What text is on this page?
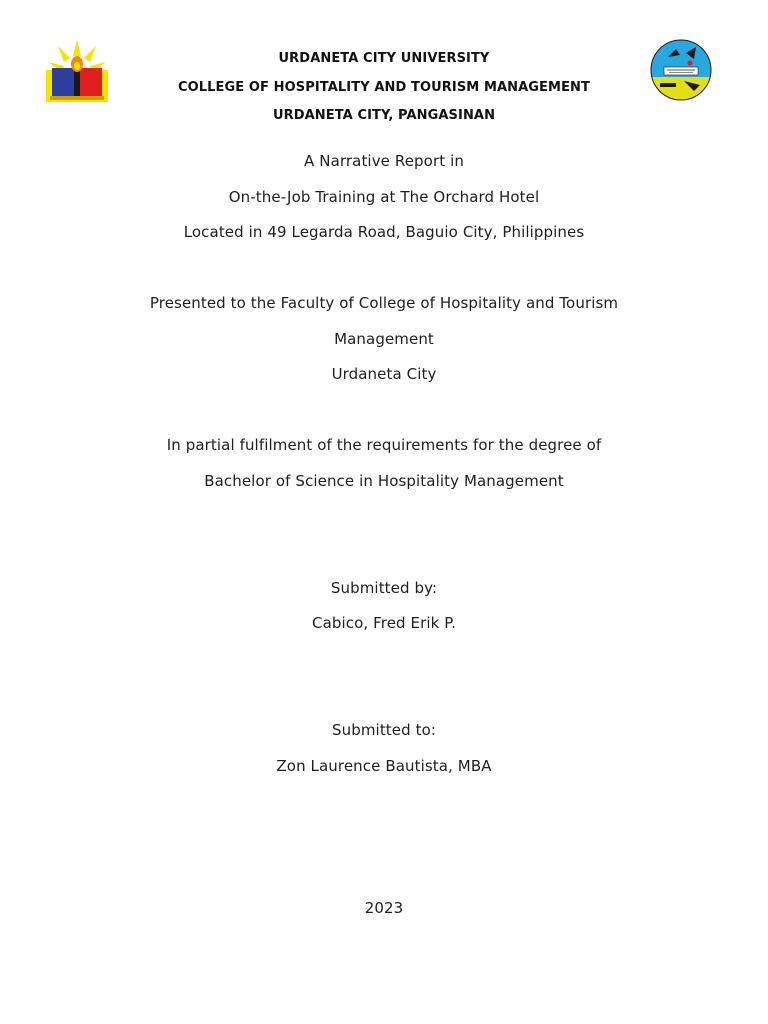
URDANETA CITY UNIVERSITY
COLLEGE OF HOSPITALITY AND TOURISM MANAGEMENT
URDANETA CITY, PANGASINAN
A Narrative Report in
On-the-Job Training at The Orchard Hotel
Located in 49 Legarda Road, Baguio City, Philippines
Presented to the Faculty of College of Hospitality and Tourism
Management
Urdaneta City
In partial fulfilment of the requirements for the degree of
Bachelor of Science in Hospitality Management
Submitted by:
Cabico, Fred Erik P.
Submitted to:
Zon Laurence Bautista, MBA
2023
